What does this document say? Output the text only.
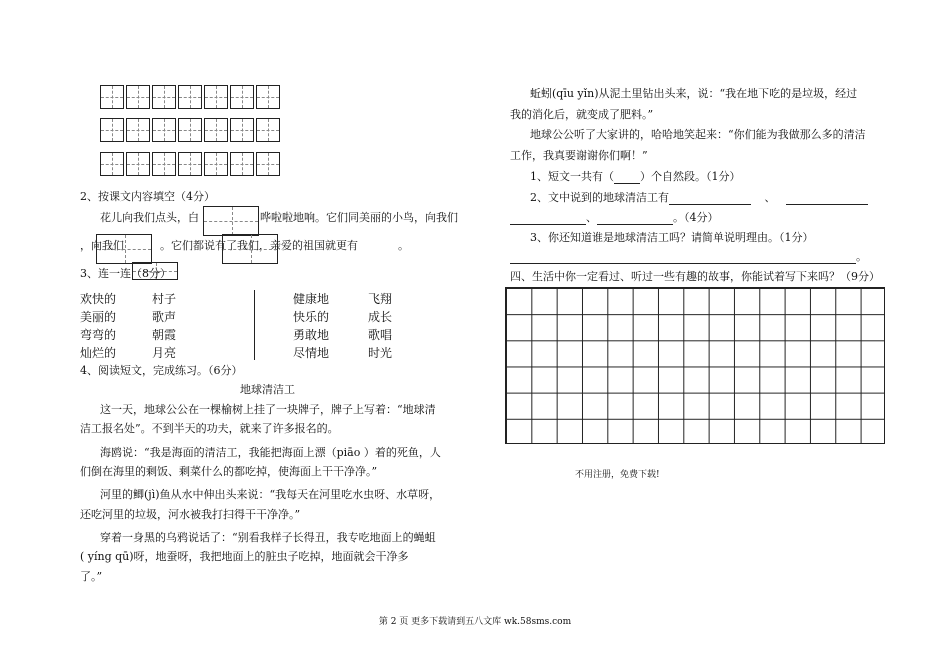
2、按课文内容填空（4分）
花儿向我们点头，白	哗啦啦地响。它们同美丽的小鸟，向我们
，向我们	。它们都说有了我们，亲爱的祖国就更有	。
3、连一连（8分）
欢快的	村子
美丽的	歌声
弯弯的	朝霞
灿烂的	月亮
健康地	飞翔
快乐的	成长
勇敢地	歌唱
尽情地	时光
4、阅读短文，完成练习。（6分）
地球清洁工
这一天，地球公公在一棵榆树上挂了一块牌子，牌子上写着：“地球清
洁工报名处”。不到半天的功夫，就来了许多报名的。
海鸥说：“我是海面的清洁工，我能把海面上漂（piāo ）着的死鱼，人
们倒在海里的剩饭、剩菜什么的都吃掉，使海面上干干净净。”
河里的鲫(jì)鱼从水中伸出头来说：“我每天在河里吃水虫呀、水草呀，
还吃河里的垃圾，河水被我打扫得干干净净。”
穿着一身黑的乌鸦说话了：“别看我样子长得丑，我专吃地面上的蝇蛆
( yíng qū)呀，地蚕呀，我把地面上的脏虫子吃掉，地面就会干净多
了。”
蚯蚓(qīu yǐn)从泥土里钻出头来，说：“我在地下吃的是垃圾，经过
我的消化后，就变成了肥料。”
地球公公听了大家讲的，哈哈地笑起来：“你们能为我做那么多的清洁
工作，我真要谢谢你们啊！”
1、短文一共有（ ）个自然段。（1分）
2、文中说到的地球清洁工有	、
、	。（4分）
3、你还知道谁是地球清洁工吗？请简单说明理由。（1分）
。
四、生活中你一定看过、听过一些有趣的故事，你能试着写下来吗？（9分）
不用注册，免费下载!
第 2 页 更多下载请到五八文库 wk.58sms.com
